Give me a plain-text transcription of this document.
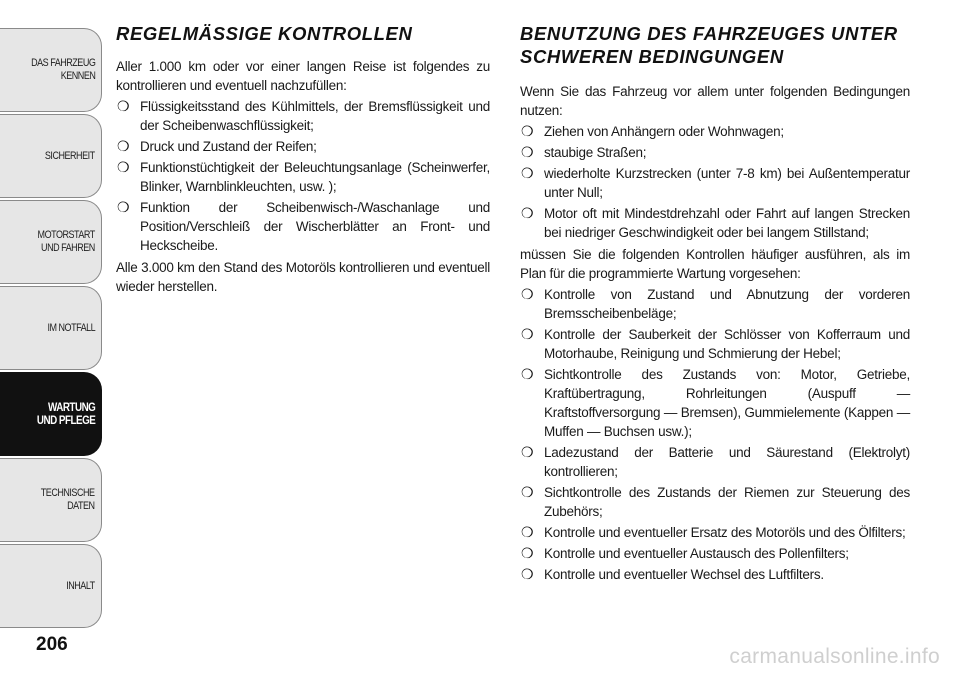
DAS FAHRZEUG
KENNEN
SICHERHEIT
MOTORSTART
UND FAHREN
IM NOTFALL
WARTUNG
UND PFLEGE
TECHNISCHE
DATEN
INHALT
206
REGELMÄSSIGE KONTROLLEN

Aller 1.000 km oder vor einer langen Reise ist folgendes zu kontrollieren und eventuell nachzufüllen:

❍ Flüssigkeitsstand des Kühlmittels, der Bremsflüssigkeit und der Scheibenwaschflüssigkeit;
❍ Druck und Zustand der Reifen;
❍ Funktionstüchtigkeit der Beleuchtungsanlage (Scheinwerfer, Blinker, Warnblinkleuchten, usw. );
❍ Funktion der Scheibenwisch-/Waschanlage und Position/Verschleiß der Wischerblätter an Front- und Heckscheibe.

Alle 3.000 km den Stand des Motoröls kontrollieren und eventuell wieder herstellen.

BENUTZUNG DES FAHRZEUGES UNTER SCHWEREN BEDINGUNGEN

Wenn Sie das Fahrzeug vor allem unter folgenden Bedingungen nutzen:

❍ Ziehen von Anhängern oder Wohnwagen;
❍ staubige Straßen;
❍ wiederholte Kurzstrecken (unter 7-8 km) bei Außentemperatur unter Null;
❍ Motor oft mit Mindestdrehzahl oder Fahrt auf langen Strecken bei niedriger Geschwindigkeit oder bei langem Stillstand;

müssen Sie die folgenden Kontrollen häufiger ausführen, als im Plan für die programmierte Wartung vorgesehen:

❍ Kontrolle von Zustand und Abnutzung der vorderen Bremsscheibenbeläge;
❍ Kontrolle der Sauberkeit der Schlösser von Kofferraum und Motorhaube, Reinigung und Schmierung der Hebel;
❍ Sichtkontrolle des Zustands von: Motor, Getriebe, Kraftübertragung, Rohrleitungen (Auspuff — Kraftstoffversorgung — Bremsen), Gummielemente (Kappen — Muffen — Buchsen usw.);
❍ Ladezustand der Batterie und Säurestand (Elektrolyt) kontrollieren;
❍ Sichtkontrolle des Zustands der Riemen zur Steuerung des Zubehörs;
❍ Kontrolle und eventueller Ersatz des Motoröls und des Ölfilters;
❍ Kontrolle und eventueller Austausch des Pollenfilters;
❍ Kontrolle und eventueller Wechsel des Luftfilters.
carmanualsonline.info
